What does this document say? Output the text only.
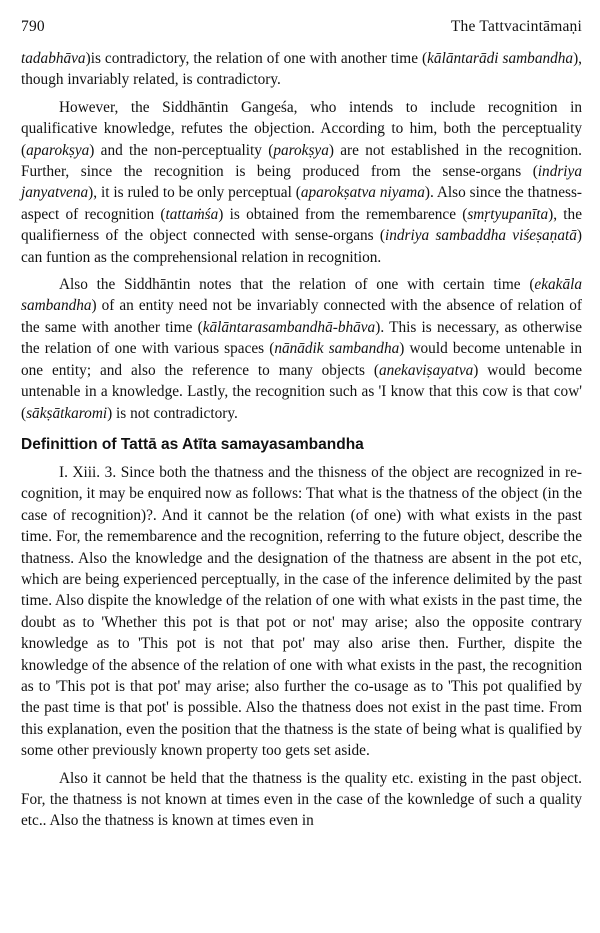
790	The Tattvacintāmaṇi

tadabhāva)is contradictory, the relation of one with another time (kālāntarādi sambandha), though invariably related, is contradictory.

However, the Siddhāntin Gangeśa, who intends to include recognition in qualificative knowledge, refutes the objection. According to him, both the perceptuality (aparokṣya) and the non-perceptuality (parokṣya) are not established in the recognition. Further, since the recognition is being produced from the sense-organs (indriya janyatvena), it is ruled to be only perceptual (aparokṣatva niyama). Also since the thatness-aspect of recognition (tattaṁśa) is obtained from the remembarence (smṛtyupanīta), the qualifierness of the object connected with sense-organs (indriya sambaddha viśeṣaṇatā) can funtion as the comprehensional relation in recognition.

Also the Siddhāntin notes that the relation of one with certain time (ekakāla sambandha) of an entity need not be invariably connected with the absence of relation of the same with another time (kālāntarasambandhā-bhāva). This is necessary, as otherwise the relation of one with various spaces (nānādik sambandha) would become untenable in one entity; and also the reference to many objects (anekaviṣayatva) would become untenable in a knowledge. Lastly, the recognition such as 'I know that this cow is that cow' (sākṣātkaromi) is not contradictory.

Definittion of Tattā as Atīta samayasambandha

I. Xiii. 3. Since both the thatness and the thisness of the object are recognized in re-cognition, it may be enquired now as follows: That what is the thatness of the object (in the case of recognition)?. And it cannot be the relation (of one) with what exists in the past time. For, the remembarence and the recognition, referring to the future object, describe the thatness. Also the knowledge and the designation of the thatness are absent in the pot etc, which are being experienced perceptually, in the case of the inference delimited by the past time. Also dispite the knowledge of the relation of one with what exists in the past time, the doubt as to 'Whether this pot is that pot or not' may arise; also the opposite contrary knowledge as to 'This pot is not that pot' may also arise then. Further, dispite the knowledge of the absence of the relation of one with what exists in the past, the recognition as to 'This pot is that pot' may arise; also further the co-usage as to 'This pot qualified by the past time is that pot' is possible. Also the thatness does not exist in the past time. From this explanation, even the position that the thatness is the state of being what is qualified by some other previously known property too gets set aside.

Also it cannot be held that the thatness is the quality etc. existing in the past object. For, the thatness is not known at times even in the case of the kownledge of such a quality etc.. Also the thatness is known at times even in
